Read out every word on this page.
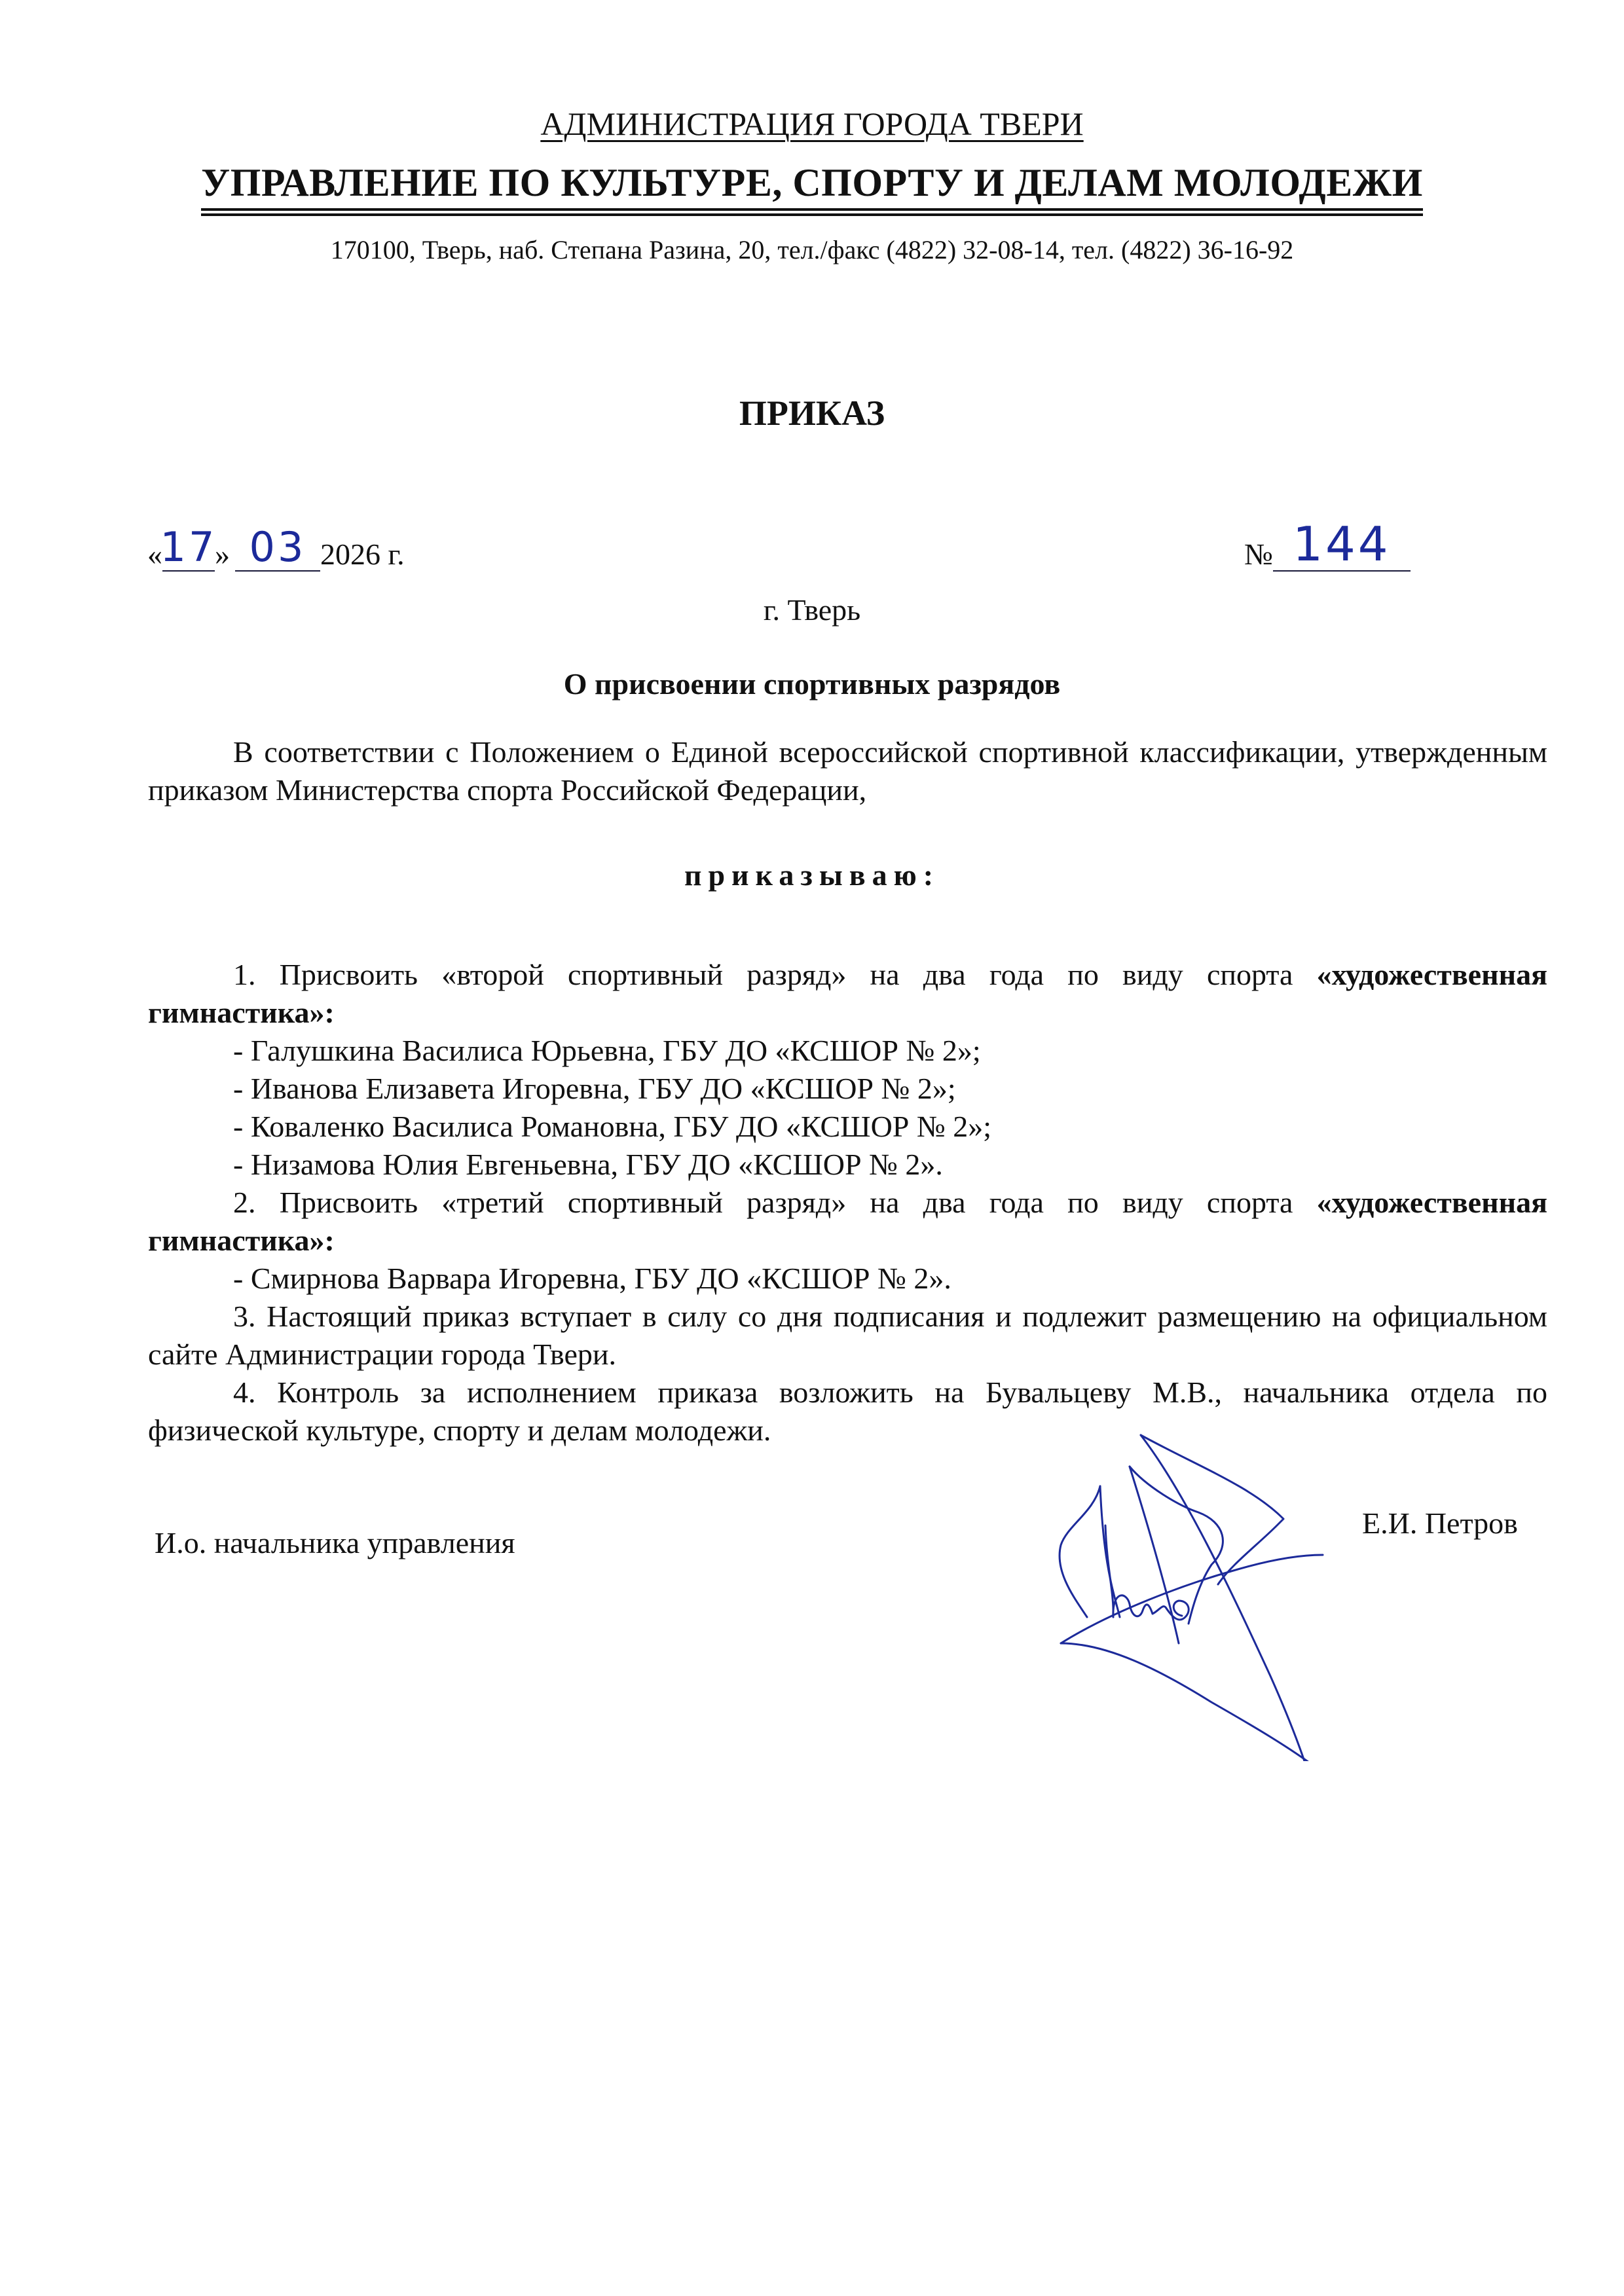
АДМИНИСТРАЦИЯ ГОРОДА ТВЕРИ
УПРАВЛЕНИЕ ПО КУЛЬТУРЕ, СПОРТУ И ДЕЛАМ МОЛОДЕЖИ
170100, Тверь, наб. Степана Разина, 20, тел./факс (4822) 32-08-14, тел. (4822) 36-16-92
ПРИКАЗ
«
17
» 03 2026 г.	№ 144
г. Тверь
О присвоении спортивных разрядов
В соответствии с Положением о Единой всероссийской спортивной классификации, утвержденным приказом Министерства спорта Российской Федерации,
приказываю:
1. Присвоить «второй спортивный разряд» на два года по виду спорта «художественная гимнастика»:
- Галушкина Василиса Юрьевна, ГБУ ДО «КСШОР № 2»;
- Иванова Елизавета Игоревна, ГБУ ДО «КСШОР № 2»;
- Коваленко Василиса Романовна, ГБУ ДО «КСШОР № 2»;
- Низамова Юлия Евгеньевна, ГБУ ДО «КСШОР № 2».
2. Присвоить «третий спортивный разряд» на два года по виду спорта «художественная гимнастика»:
- Смирнова Варвара Игоревна, ГБУ ДО «КСШОР № 2».
3. Настоящий приказ вступает в силу со дня подписания и подлежит размещению на официальном сайте Администрации города Твери.
4. Контроль за исполнением приказа возложить на Бувальцеву М.В., начальника отдела по физической культуре, спорту и делам молодежи.
И.о. начальника управления
Е.И. Петров
